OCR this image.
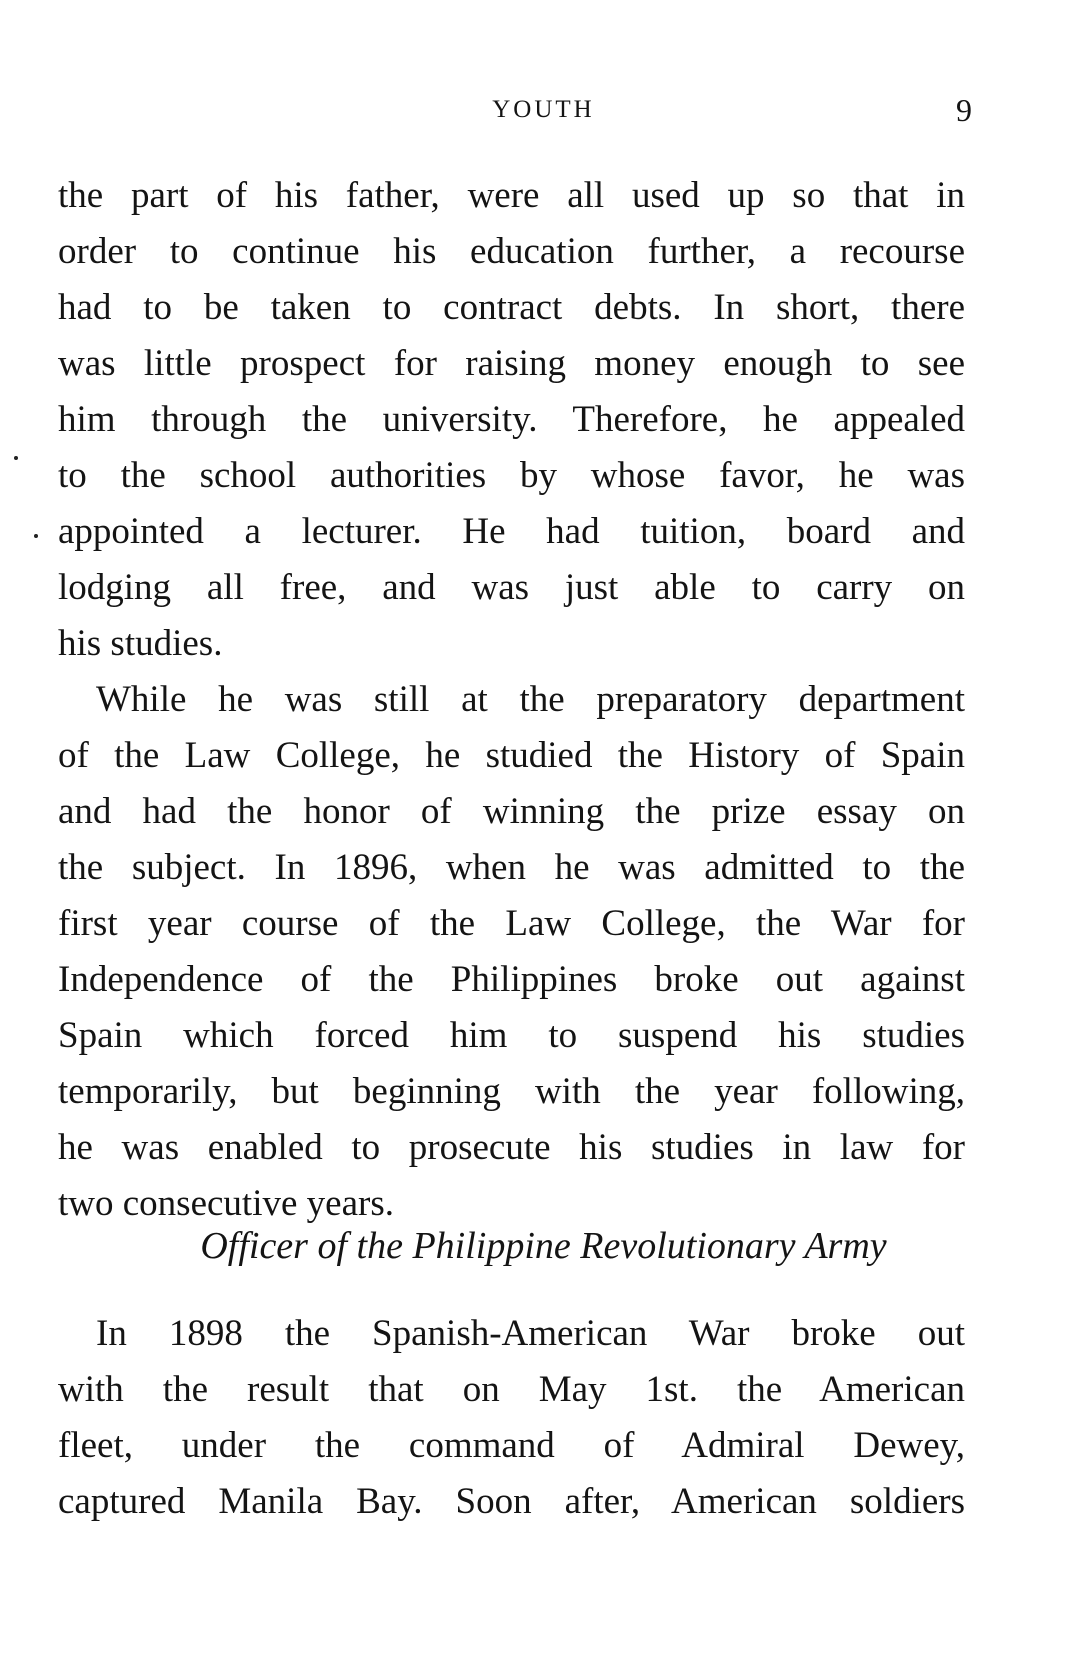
YOUTH	9
the part of his father, were all used up so that in
order to continue his education further, a recourse
had to be taken to contract debts. In short, there
was little prospect for raising money enough to see
him through the university. Therefore, he appealed
to the school authorities by whose favor, he was
appointed a lecturer. He had tuition, board and
lodging all free, and was just able to carry on
his studies.
While he was still at the preparatory department
of the Law College, he studied the History of Spain
and had the honor of winning the prize essay on
the subject. In 1896, when he was admitted to the
first year course of the Law College, the War for
Independence of the Philippines broke out against
Spain which forced him to suspend his studies
temporarily, but beginning with the year following,
he was enabled to prosecute his studies in law for
two consecutive years.
Officer of the Philippine Revolutionary Army
In 1898 the Spanish-American War broke out
with the result that on May 1st. the American
fleet, under the command of Admiral Dewey,
captured Manila Bay. Soon after, American soldiers
